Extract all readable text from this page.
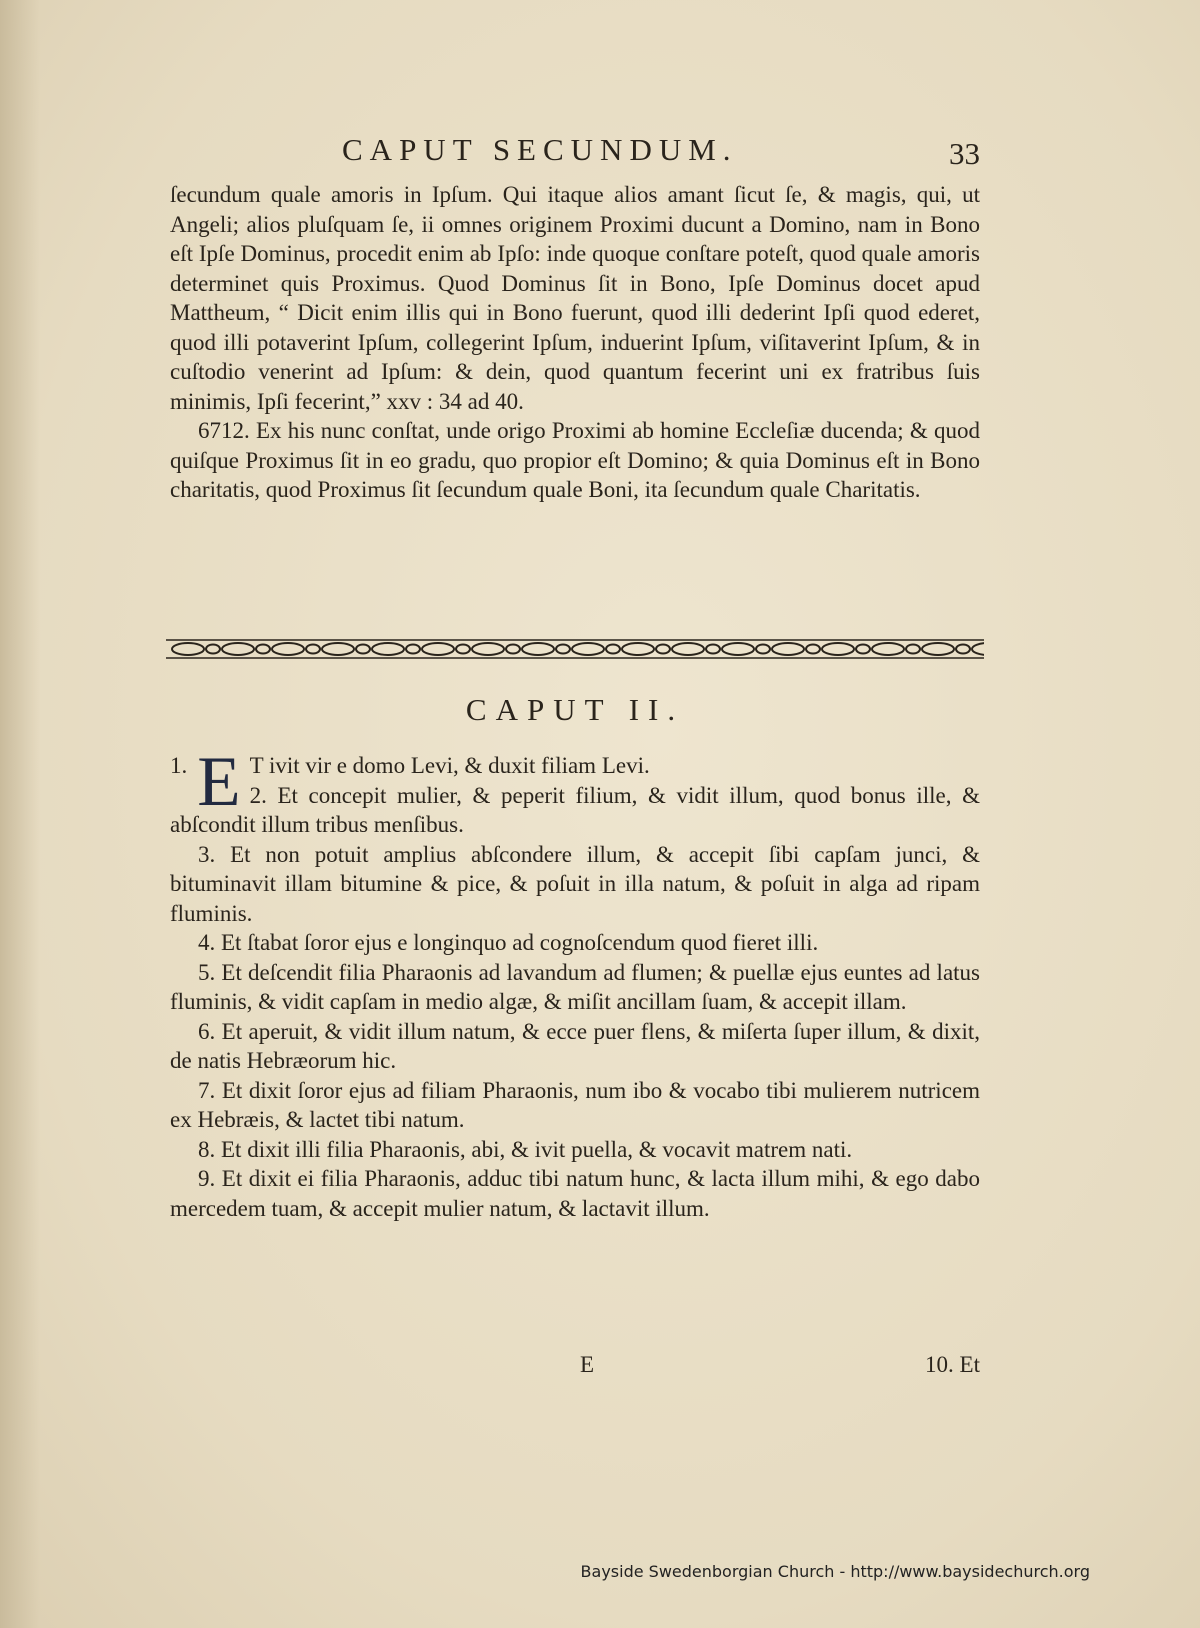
CAPUT SECUNDUM.	33

ſecundum quale amoris in Ipſum. Qui itaque alios amant ſicut ſe, & magis, qui, ut Angeli; alios pluſquam ſe, ii omnes originem Proximi ducunt a Domino, nam in Bono eſt Ipſe Dominus, procedit enim ab Ipſo: inde quoque conſtare poteſt, quod quale amoris determinet quis Proximus. Quod Dominus ſit in Bono, Ipſe Dominus docet apud Mattheum, “ Dicit enim illis qui in Bono fuerunt, quod illi dederint Ipſi quod ederet, quod illi potaverint Ipſum, collegerint Ipſum, induerint Ipſum, viſitaverint Ipſum, & in cuſtodio venerint ad Ipſum: & dein, quod quantum fecerint uni ex fratribus ſuis minimis, Ipſi fecerint,” xxv : 34 ad 40.

6712. Ex his nunc conſtat, unde origo Proximi ab homine Eccleſiæ ducenda; & quod quiſque Proximus ſit in eo gradu, quo propior eſt Domino; & quia Dominus eſt in Bono charitatis, quod Proximus ſit ſecundum quale Boni, ita ſecundum quale Charitatis.

CAPUT II.

1. E T ivit vir e domo Levi, & duxit filiam Levi.

2. Et concepit mulier, & peperit filium, & vidit illum, quod bonus ille, & abſcondit illum tribus menſibus.

3. Et non potuit amplius abſcondere illum, & accepit ſibi capſam junci, & bituminavit illam bitumine & pice, & poſuit in illa natum, & poſuit in alga ad ripam fluminis.

4. Et ſtabat ſoror ejus e longinquo ad cognoſcendum quod fieret illi.

5. Et deſcendit filia Pharaonis ad lavandum ad flumen; & puellæ ejus euntes ad latus fluminis, & vidit capſam in medio algæ, & miſit ancillam ſuam, & accepit illam.

6. Et aperuit, & vidit illum natum, & ecce puer flens, & miſerta ſuper illum, & dixit, de natis Hebræorum hic.

7. Et dixit ſoror ejus ad filiam Pharaonis, num ibo & vocabo tibi mulierem nutricem ex Hebræis, & lactet tibi natum.

8. Et dixit illi filia Pharaonis, abi, & ivit puella, & vocavit matrem nati.

9. Et dixit ei filia Pharaonis, adduc tibi natum hunc, & lacta illum mihi, & ego dabo mercedem tuam, & accepit mulier natum, & lactavit illum.

E	10. Et
Bayside Swedenborgian Church - http://www.baysidechurch.org
